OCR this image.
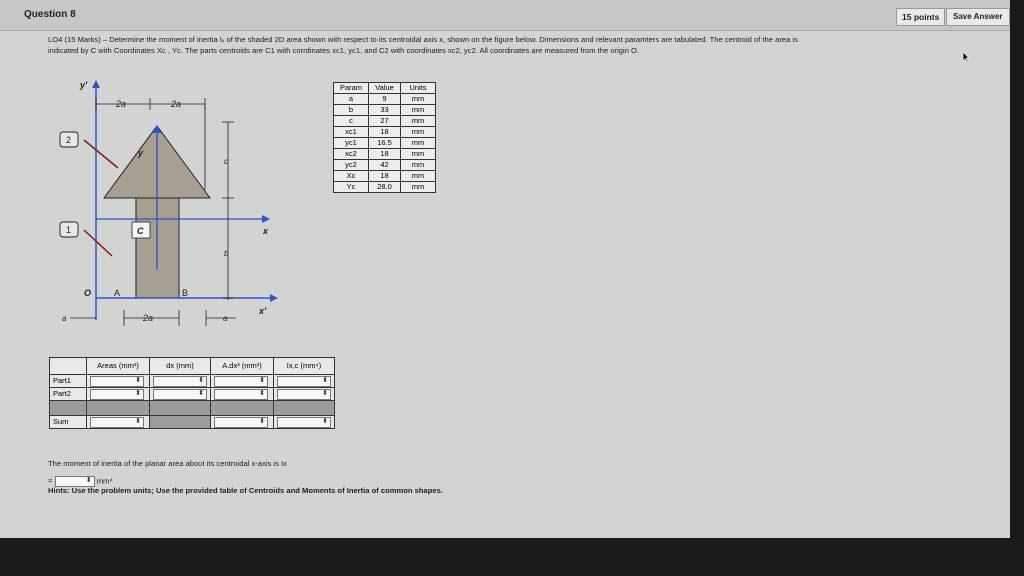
Question 8	15 points	Save Answer
LO4 (15 Marks) – Determine the moment of inertia Iₓ of the shaded 2D area shown with respect to its centroidal axis x, shown on the figure below. Dimensions and relevant paramters are tabulated. The centroid of the area is
indicated by C with Coordinates Xc , Yc. The parts centroids are C1 with corrdinates xc1, yc1, and C2 with coordinates xc2, yc2. All coordinates are measured from the origin O.
y'
2a	2a
2
1
y
c
C	x
b
O	A	B
x'
a	2a	a
Param	Value	Units
a	9	mm
b	33	mm
c	27	mm
xc1	18	mm
yc1	16.5	mm
xc2	18	mm
yc2	42	mm
Xc	18	mm
Yc	28.0	mm
	Areas (mm²)	dx (mm)	A.dx² (mm³)	Ix,c (mm⁴)
Part1	⬍	⬍	⬍	⬍

Part2	⬍	⬍	⬍	⬍

Sum	⬍		⬍	⬍
The moment of inertia of the planar area about its centroidal x-axis is Ix
=	⬍ mm⁴
Hints: Use the problem units; Use the provided table of Centroids and Moments of Inertia of common shapes.
